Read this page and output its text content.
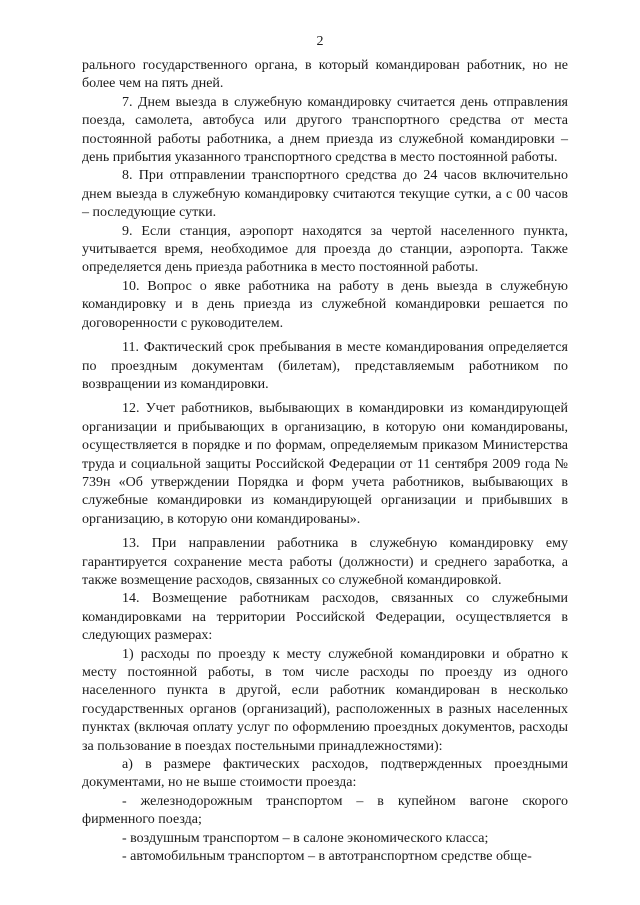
2

рального государственного органа, в который командирован работник, но не более чем на пять дней.

7. Днем выезда в служебную командировку считается день отправления поезда, самолета, автобуса или другого транспортного средства от места постоянной работы работника, а днем приезда из служебной командировки – день прибытия указанного транспортного средства в место постоянной работы.

8. При отправлении транспортного средства до 24 часов включительно днем выезда в служебную командировку считаются текущие сутки, а с 00 часов – последующие сутки.

9. Если станция, аэропорт находятся за чертой населенного пункта, учитывается время, необходимое для проезда до станции, аэропорта. Также определяется день приезда работника в место постоянной работы.

10. Вопрос о явке работника на работу в день выезда в служебную командировку и в день приезда из служебной командировки решается по договоренности с руководителем.

11. Фактический срок пребывания в месте командирования определяется по проездным документам (билетам), представляемым работником по возвращении из командировки.

12. Учет работников, выбывающих в командировки из командирующей организации и прибывающих в организацию, в которую они командированы, осуществляется в порядке и по формам, определяемым приказом Министерства труда и социальной защиты Российской Федерации от 11 сентября 2009 года № 739н «Об утверждении Порядка и форм учета работников, выбывающих в служебные командировки из командирующей организации и прибывших в организацию, в которую они командированы».

13. При направлении работника в служебную командировку ему гарантируется сохранение места работы (должности) и среднего заработка, а также возмещение расходов, связанных со служебной командировкой.

14. Возмещение работникам расходов, связанных со служебными командировками на территории Российской Федерации, осуществляется в следующих размерах:

1) расходы по проезду к месту служебной командировки и обратно к месту постоянной работы, в том числе расходы по проезду из одного населенного пункта в другой, если работник командирован в несколько государственных органов (организаций), расположенных в разных населенных пунктах (включая оплату услуг по оформлению проездных документов, расходы за пользование в поездах постельными принадлежностями):

а) в размере фактических расходов, подтвержденных проездными документами, но не выше стоимости проезда:

- железнодорожным транспортом – в купейном вагоне скорого фирменного поезда;

- воздушным транспортом – в салоне экономического класса;

- автомобильным транспортом – в автотранспортном средстве обще-
